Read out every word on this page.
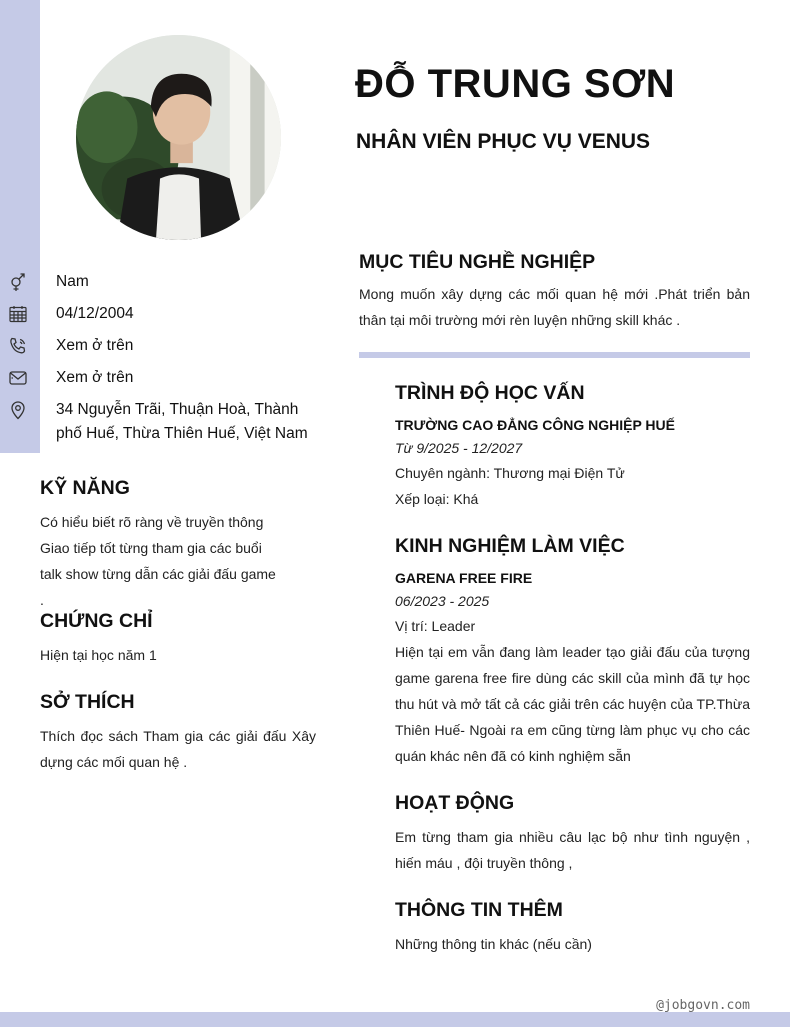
ĐỖ TRUNG SƠN
NHÂN VIÊN PHỤC VỤ VENUS
Nam
04/12/2004
Xem ở trên
Xem ở trên
34 Nguyễn Trãi, Thuận Hoà, Thành phố Huế, Thừa Thiên Huế, Việt Nam
KỸ NĂNG

Có hiểu biết rõ ràng về truyền thông Giao tiếp tốt từng tham gia các buổi talk show từng dẫn các giải đấu game .

CHỨNG CHỈ

Hiện tại học năm 1

SỞ THÍCH

Thích đọc sách Tham gia các giải đấu Xây dựng các mối quan hệ .

MỤC TIÊU NGHỀ NGHIỆP

Mong muốn xây dựng các mối quan hệ mới .Phát triển bản thân tại môi trường mới rèn luyện những skill khác .

TRÌNH ĐỘ HỌC VẤN

TRƯỜNG CAO ĐẲNG CÔNG NGHIỆP HUẾ

Từ 9/2025 - 12/2027

Chuyên ngành: Thương mại Điện Tử

Xếp loại: Khá

KINH NGHIỆM LÀM VIỆC

GARENA FREE FIRE

06/2023 - 2025

Vị trí: Leader

Hiện tại em vẫn đang làm leader tạo giải đấu của tượng game garena free fire dùng các skill của mình đã tự học thu hút và mở tất cả các giải trên các huyện của TP.Thừa Thiên Huế- Ngoài ra em cũng từng làm phục vụ cho các quán khác nên đã có kinh nghiệm sẵn

HOẠT ĐỘNG

Em từng tham gia nhiều câu lạc bộ như tình nguyện , hiến máu , đội truyền thông ,

THÔNG TIN THÊM

Những thông tin khác (nếu cần)

@jobgovn.com
